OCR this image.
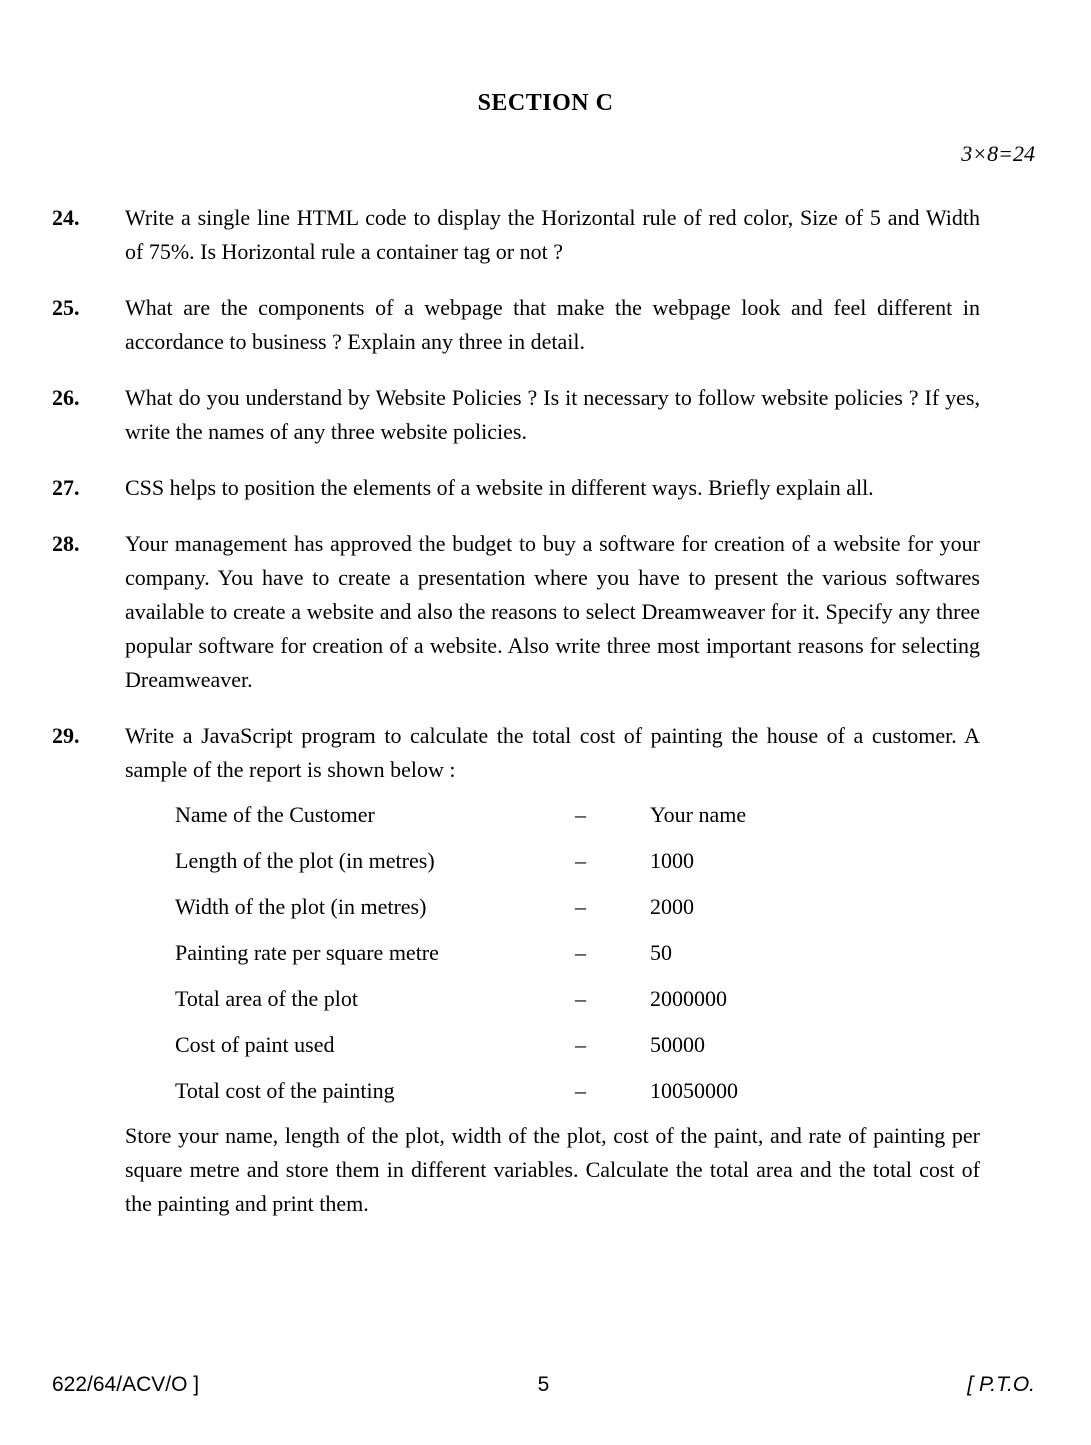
SECTION C
3×8=24
24.	Write a single line HTML code to display the Horizontal rule of red color, Size of 5 and Width of 75%. Is Horizontal rule a container tag or not ?
25.	What are the components of a webpage that make the webpage look and feel different in accordance to business ? Explain any three in detail.
26.	What do you understand by Website Policies ? Is it necessary to follow website policies ? If yes, write the names of any three website policies.
27.	CSS helps to position the elements of a website in different ways. Briefly explain all.
28.	Your management has approved the budget to buy a software for creation of a website for your company. You have to create a presentation where you have to present the various softwares available to create a website and also the reasons to select Dreamweaver for it. Specify any three popular software for creation of a website. Also write three most important reasons for selecting Dreamweaver.
29.	Write a JavaScript program to calculate the total cost of painting the house of a customer. A sample of the report is shown below :

Name of the Customer	–	Your name
Length of the plot (in metres)	–	1000
Width of the plot (in metres)	–	2000
Painting rate per square metre	–	50
Total area of the plot	–	2000000
Cost of paint used	–	50000
Total cost of the painting	–	10050000

Store your name, length of the plot, width of the plot, cost of the paint, and rate of painting per square metre and store them in different variables. Calculate the total area and the total cost of the painting and print them.

622/64/ACV/O ]	5	[ P.T.O.
